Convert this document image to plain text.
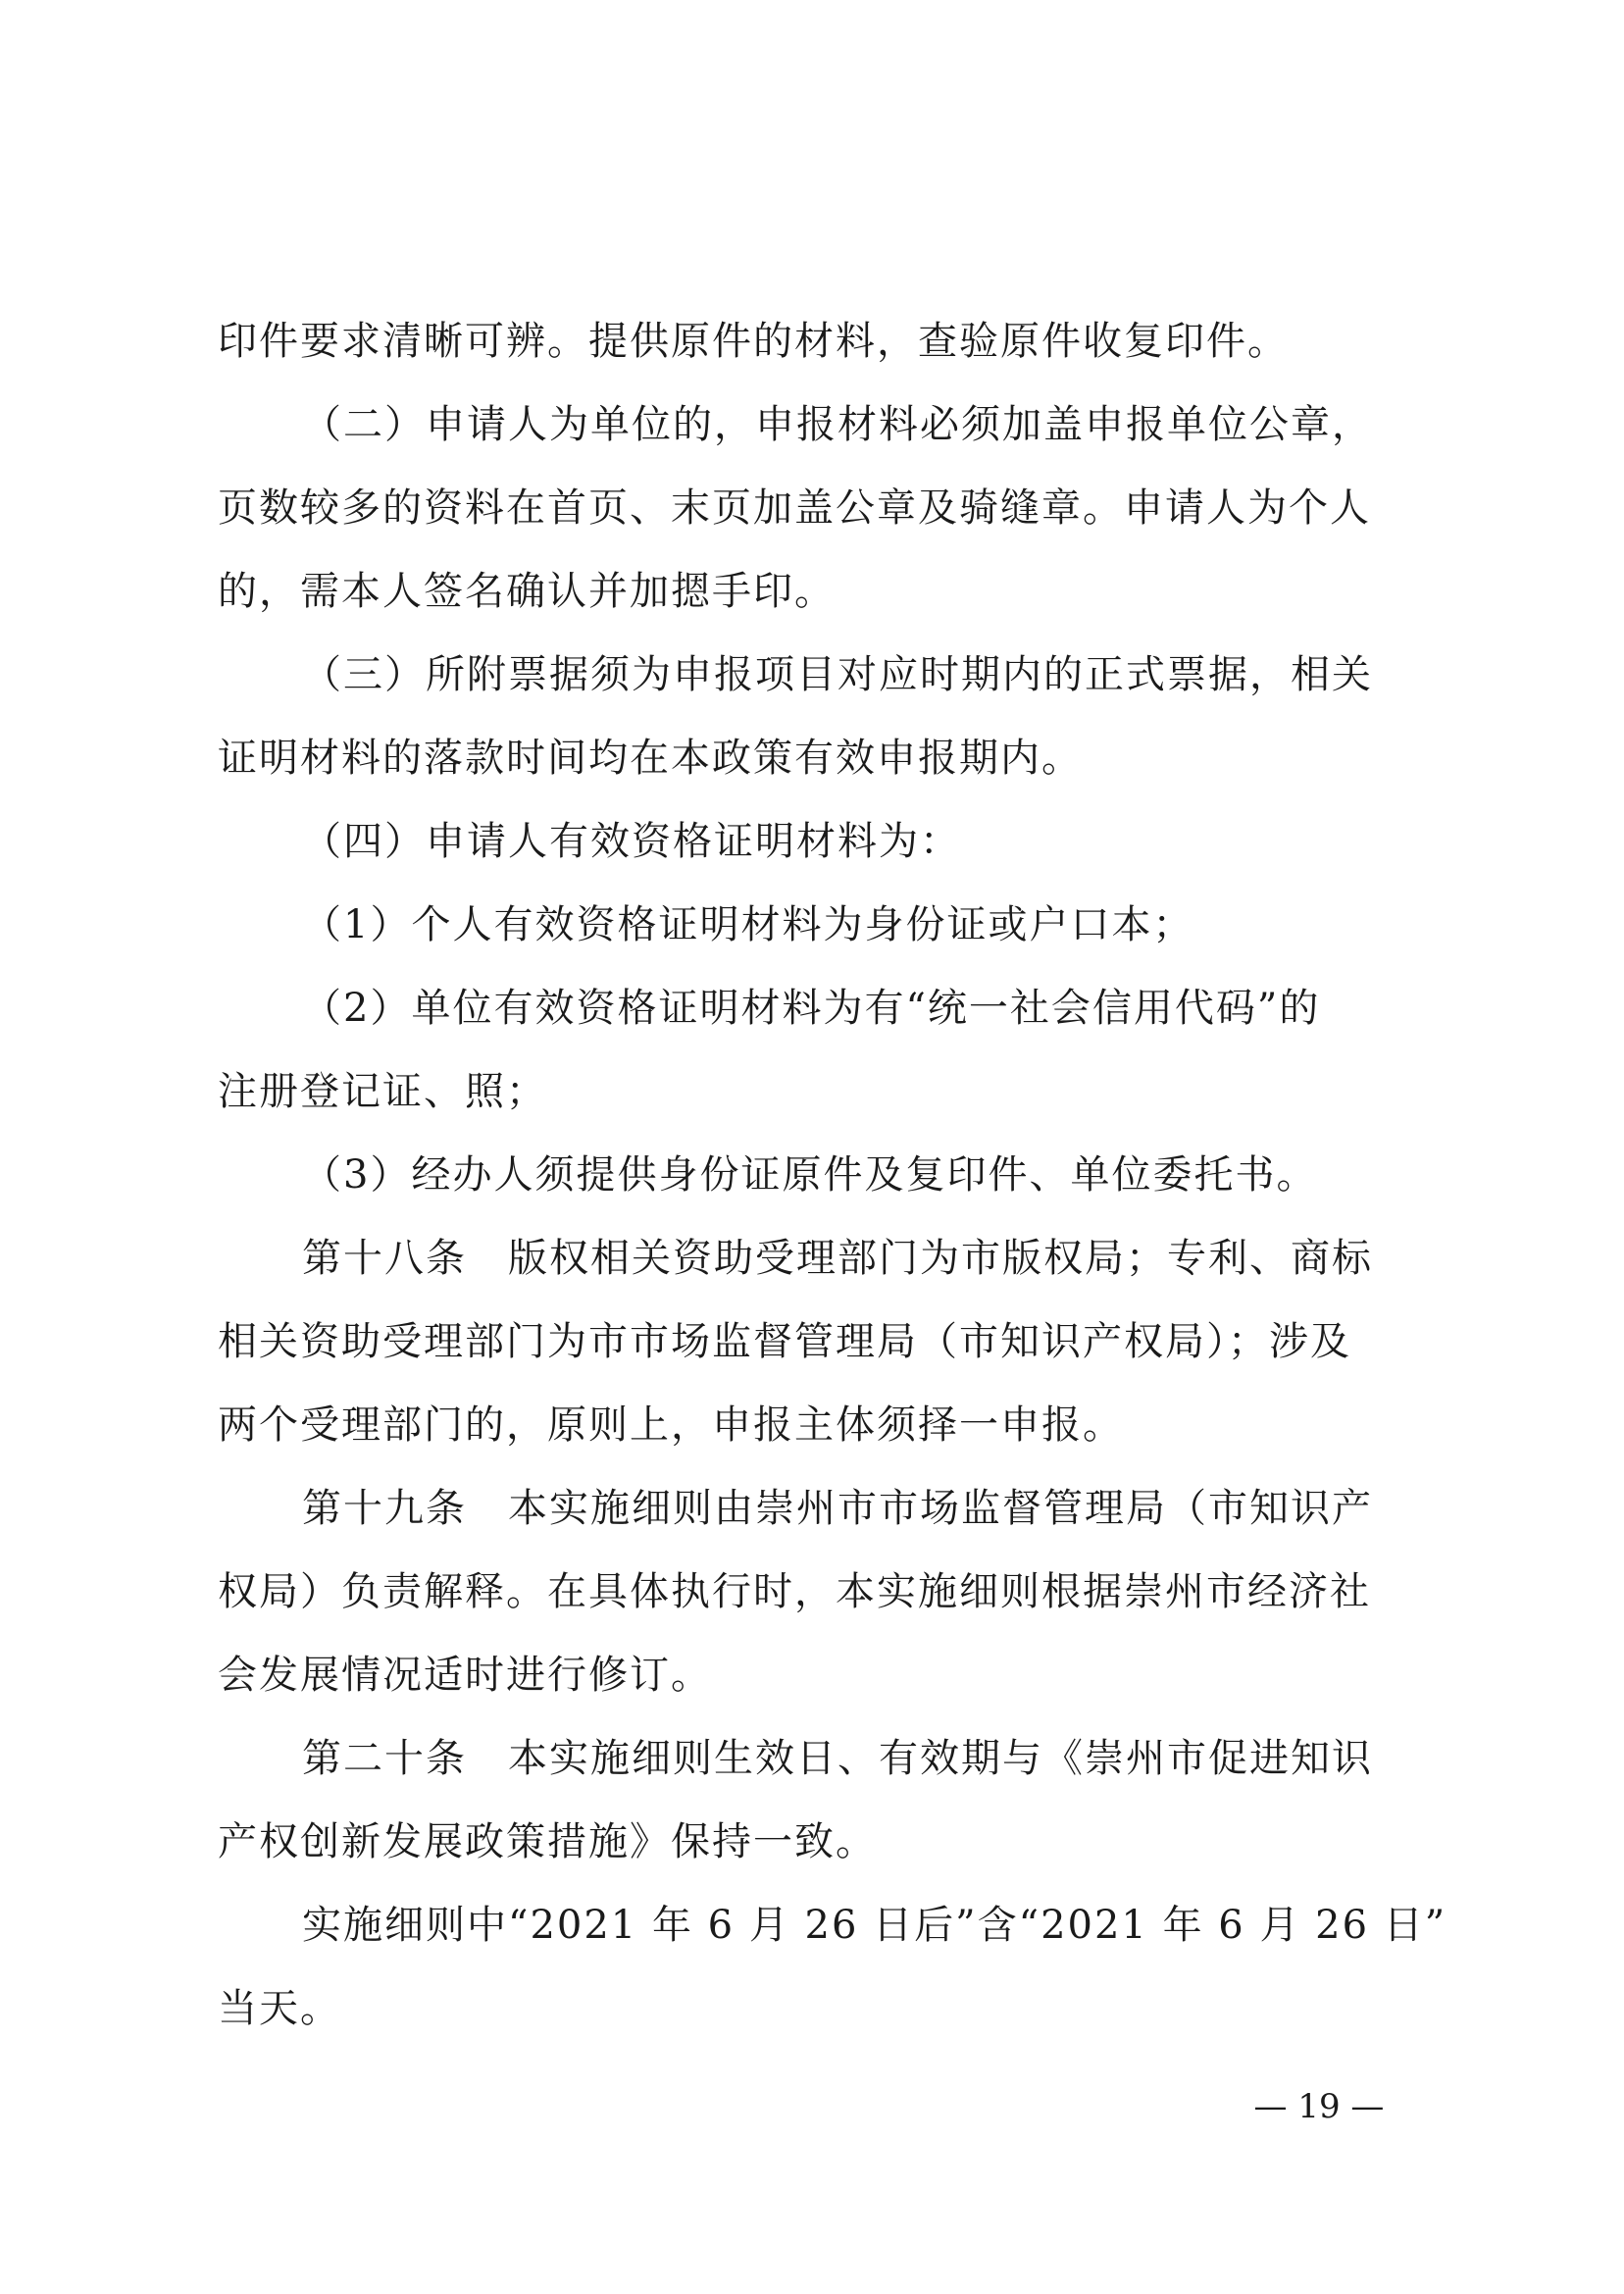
印件要求清晰可辨。提供原件的材料，查验原件收复印件。
（二）申请人为单位的，申报材料必须加盖申报单位公章，
页数较多的资料在首页、末页加盖公章及骑缝章。申请人为个人
的，需本人签名确认并加摁手印。
（三）所附票据须为申报项目对应时期内的正式票据，相关
证明材料的落款时间均在本政策有效申报期内。
（四）申请人有效资格证明材料为：
（1）个人有效资格证明材料为身份证或户口本；
（2）单位有效资格证明材料为有“统一社会信用代码”的
注册登记证、照；
（3）经办人须提供身份证原件及复印件、单位委托书。
第十八条　版权相关资助受理部门为市版权局；专利、商标
相关资助受理部门为市市场监督管理局（市知识产权局）；涉及
两个受理部门的，原则上，申报主体须择一申报。
第十九条　本实施细则由崇州市市场监督管理局（市知识产
权局）负责解释。在具体执行时，本实施细则根据崇州市经济社
会发展情况适时进行修订。
第二十条　本实施细则生效日、有效期与《崇州市促进知识
产权创新发展政策措施》保持一致。
实施细则中“2021 年 6 月 26 日后”含“2021 年 6 月 26 日”
当天。
— 19 —
